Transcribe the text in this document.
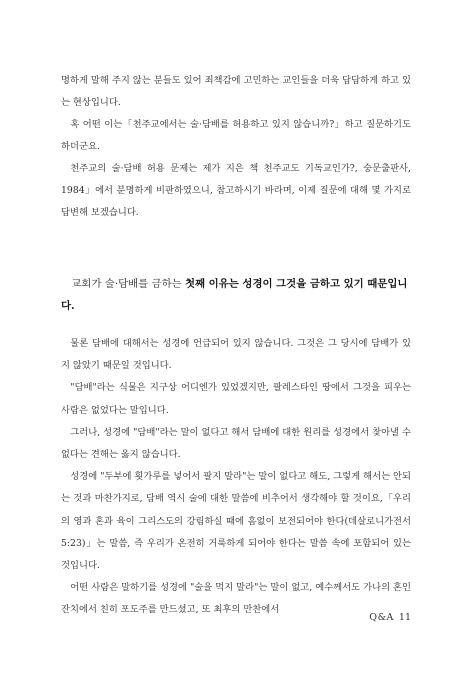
명하게 말해 주지 않는 분들도 있어 죄책감에 고민하는 교인들을 더욱 답답하게 하고 있는 현상입니다.

혹 어떤 이는「천주교에서는 술·담배를 허용하고 있지 않습니까?」하고 질문하기도 하더군요.

천주교의 술·담배 허용 문제는 제가 지은 책 천주교도 기독교인가?, 숭문출판사, 1984」에서 분명하게 비판하였으니, 참고하시기 바라며, 이제 질문에 대해 몇 가지로 답변해 보겠습니다.

교회가 술·담배를 금하는 첫째 이유는 성경이 그것을 금하고 있기 때문입니다.

물론 담배에 대해서는 성경에 언급되어 있지 않습니다. 그것은 그 당시에 담배가 있지 않았기 때문일 것입니다.

"담배"라는 식물은 지구상 어디엔가 있었겠지만, 팔레스타인 땅에서 그것을 피우는 사람은 없었다는 말입니다.

그러나, 성경에 "담배"라는 말이 없다고 해서 담배에 대한 원리를 성경에서 찾아낼 수 없다는 견해는 옳지 않습니다.

성경에 "두부에 횟가루를 넣어서 팔지 말라"는 말이 없다고 해도, 그렇게 해서는 안되는 것과 마찬가지로, 담배 역시 술에 대한 말씀에 비추어서 생각해야 할 것이요,「우리의 영과 혼과 육이 그리스도의 강림하실 때에 흠없이 보전되어야 한다(데살로니가전서 5:23)」는 말씀, 즉 우리가 온전히 거룩하게 되어야 한다는 말씀 속에 포함되어 있는 것입니다.

어떤 사람은 말하기를 성경에 "술을 먹지 말라"는 말이 없고, 예수께서도 가나의 혼인 잔치에서 친히 포도주를 만드셨고, 또 최후의 만찬에서

Q&A 11
